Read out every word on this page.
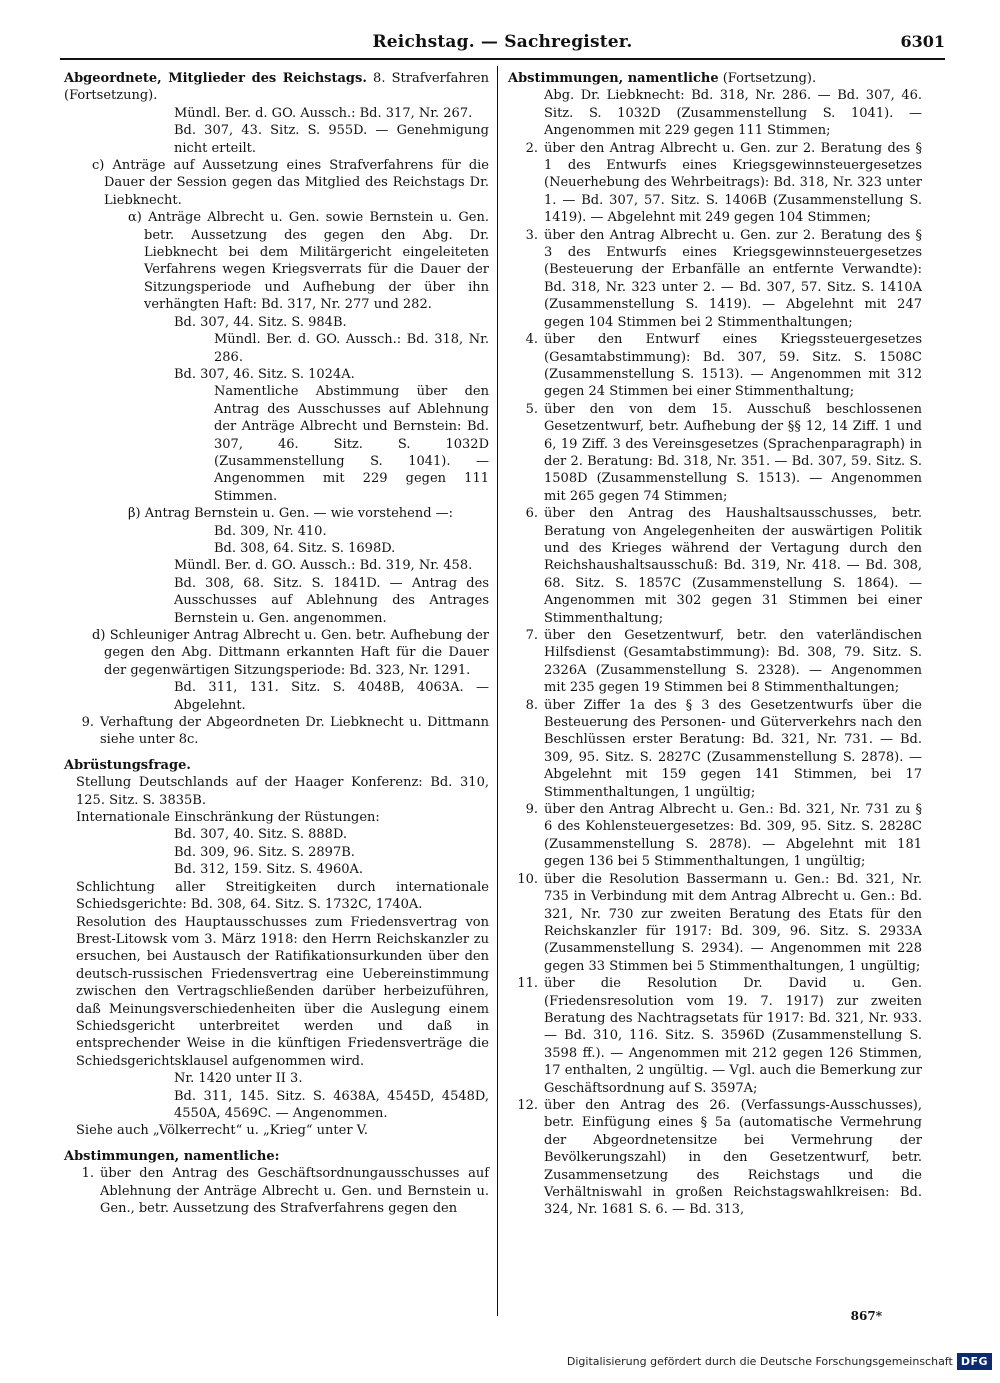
Reichstag. — Sachregister.	6301

Abgeordnete, Mitglieder des Reichstags. 8. Strafverfahren (Fortsetzung).

Mündl. Ber. d. GO. Aussch.: Bd. 317, Nr. 267.

Bd. 307, 43. Sitz. S. 955D. — Genehmigung nicht erteilt.

c) Anträge auf Aussetzung eines Strafverfahrens für die Dauer der Session gegen das Mitglied des Reichstags Dr. Liebknecht.

α) Anträge Albrecht u. Gen. sowie Bernstein u. Gen. betr. Aussetzung des gegen den Abg. Dr. Liebknecht bei dem Militärgericht eingeleiteten Verfahrens wegen Kriegsverrats für die Dauer der Sitzungsperiode und Aufhebung der über ihn verhängten Haft: Bd. 317, Nr. 277 und 282.

Bd. 307, 44. Sitz. S. 984B.

Mündl. Ber. d. GO. Aussch.: Bd. 318, Nr. 286.

Bd. 307, 46. Sitz. S. 1024A.

Namentliche Abstimmung über den Antrag des Ausschusses auf Ablehnung der Anträge Albrecht und Bernstein: Bd. 307, 46. Sitz. S. 1032D (Zusammenstellung S. 1041). — Angenommen mit 229 gegen 111 Stimmen.

β) Antrag Bernstein u. Gen. — wie vorstehend —:

Bd. 309, Nr. 410.

Bd. 308, 64. Sitz. S. 1698D.

Mündl. Ber. d. GO. Aussch.: Bd. 319, Nr. 458.

Bd. 308, 68. Sitz. S. 1841D. — Antrag des Ausschusses auf Ablehnung des Antrages Bernstein u. Gen. angenommen.

d) Schleuniger Antrag Albrecht u. Gen. betr. Aufhebung der gegen den Abg. Dittmann erkannten Haft für die Dauer der gegenwärtigen Sitzungsperiode: Bd. 323, Nr. 1291.

Bd. 311, 131. Sitz. S. 4048B, 4063A. — Abgelehnt.

9. Verhaftung der Abgeordneten Dr. Liebknecht u. Dittmann siehe unter 8c.

Abrüstungsfrage.

Stellung Deutschlands auf der Haager Konferenz: Bd. 310, 125. Sitz. S. 3835B.

Internationale Einschränkung der Rüstungen:

Bd. 307, 40. Sitz. S. 888D.

Bd. 309, 96. Sitz. S. 2897B.

Bd. 312, 159. Sitz. S. 4960A.

Schlichtung aller Streitigkeiten durch internationale Schiedsgerichte: Bd. 308, 64. Sitz. S. 1732C, 1740A.

Resolution des Hauptausschusses zum Friedensvertrag von Brest-Litowsk vom 3. März 1918: den Herrn Reichskanzler zu ersuchen, bei Austausch der Ratifikationsurkunden über den deutsch-russischen Friedensvertrag eine Uebereinstimmung zwischen den Vertragschließenden darüber herbeizuführen, daß Meinungsverschiedenheiten über die Auslegung einem Schiedsgericht unterbreitet werden und daß in entsprechender Weise in die künftigen Friedensverträge die Schiedsgerichtsklausel aufgenommen wird.

Nr. 1420 unter II 3.

Bd. 311, 145. Sitz. S. 4638A, 4545D, 4548D, 4550A, 4569C. — Angenommen.

Siehe auch „Völkerrecht“ u. „Krieg“ unter V.

Abstimmungen, namentliche:

1. über den Antrag des Geschäftsordnungausschusses auf Ablehnung der Anträge Albrecht u. Gen. und Bernstein u. Gen., betr. Aussetzung des Strafverfahrens gegen den

Abstimmungen, namentliche (Fortsetzung).

Abg. Dr. Liebknecht: Bd. 318, Nr. 286. — Bd. 307, 46. Sitz. S. 1032D (Zusammenstellung S. 1041). — Angenommen mit 229 gegen 111 Stimmen;

2. über den Antrag Albrecht u. Gen. zur 2. Beratung des § 1 des Entwurfs eines Kriegsgewinnsteuergesetzes (Neuerhebung des Wehrbeitrags): Bd. 318, Nr. 323 unter 1. — Bd. 307, 57. Sitz. S. 1406B (Zusammenstellung S. 1419). — Abgelehnt mit 249 gegen 104 Stimmen;
3. über den Antrag Albrecht u. Gen. zur 2. Beratung des § 3 des Entwurfs eines Kriegsgewinnsteuergesetzes (Besteuerung der Erbanfälle an entfernte Verwandte): Bd. 318, Nr. 323 unter 2. — Bd. 307, 57. Sitz. S. 1410A (Zusammenstellung S. 1419). — Abgelehnt mit 247 gegen 104 Stimmen bei 2 Stimmenthaltungen;
4. über den Entwurf eines Kriegssteuergesetzes (Gesamtabstimmung): Bd. 307, 59. Sitz. S. 1508C (Zusammenstellung S. 1513). — Angenommen mit 312 gegen 24 Stimmen bei einer Stimmenthaltung;
5. über den von dem 15. Ausschuß beschlossenen Gesetzentwurf, betr. Aufhebung der §§ 12, 14 Ziff. 1 und 6, 19 Ziff. 3 des Vereinsgesetzes (Sprachenparagraph) in der 2. Beratung: Bd. 318, Nr. 351. — Bd. 307, 59. Sitz. S. 1508D (Zusammenstellung S. 1513). — Angenommen mit 265 gegen 74 Stimmen;
6. über den Antrag des Haushaltsausschusses, betr. Beratung von Angelegenheiten der auswärtigen Politik und des Krieges während der Vertagung durch den Reichshaushaltsausschuß: Bd. 319, Nr. 418. — Bd. 308, 68. Sitz. S. 1857C (Zusammenstellung S. 1864). — Angenommen mit 302 gegen 31 Stimmen bei einer Stimmenthaltung;
7. über den Gesetzentwurf, betr. den vaterländischen Hilfsdienst (Gesamtabstimmung): Bd. 308, 79. Sitz. S. 2326A (Zusammenstellung S. 2328). — Angenommen mit 235 gegen 19 Stimmen bei 8 Stimmenthaltungen;
8. über Ziffer 1a des § 3 des Gesetzentwurfs über die Besteuerung des Personen- und Güterverkehrs nach den Beschlüssen erster Beratung: Bd. 321, Nr. 731. — Bd. 309, 95. Sitz. S. 2827C (Zusammenstellung S. 2878). — Abgelehnt mit 159 gegen 141 Stimmen, bei 17 Stimmenthaltungen, 1 ungültig;
9. über den Antrag Albrecht u. Gen.: Bd. 321, Nr. 731 zu § 6 des Kohlensteuergesetzes: Bd. 309, 95. Sitz. S. 2828C (Zusammenstellung S. 2878). — Abgelehnt mit 181 gegen 136 bei 5 Stimmenthaltungen, 1 ungültig;
10. über die Resolution Bassermann u. Gen.: Bd. 321, Nr. 735 in Verbindung mit dem Antrag Albrecht u. Gen.: Bd. 321, Nr. 730 zur zweiten Beratung des Etats für den Reichskanzler für 1917: Bd. 309, 96. Sitz. S. 2933A (Zusammenstellung S. 2934). — Angenommen mit 228 gegen 33 Stimmen bei 5 Stimmenthaltungen, 1 ungültig;
11. über die Resolution Dr. David u. Gen. (Friedensresolution vom 19. 7. 1917) zur zweiten Beratung des Nachtragsetats für 1917: Bd. 321, Nr. 933. — Bd. 310, 116. Sitz. S. 3596D (Zusammenstellung S. 3598 ff.). — Angenommen mit 212 gegen 126 Stimmen, 17 enthalten, 2 ungültig. — Vgl. auch die Bemerkung zur Geschäftsordnung auf S. 3597A;
12. über den Antrag des 26. (Verfassungs-Ausschusses), betr. Einfügung eines § 5a (automatische Vermehrung der Abgeordnetensitze bei Vermehrung der Bevölkerungszahl) in den Gesetzentwurf, betr. Zusammensetzung des Reichstags und die Verhältniswahl in großen Reichstagswahlkreisen: Bd. 324, Nr. 1681 S. 6. — Bd. 313,
867*
Digitalisierung gefördert durch die Deutsche Forschungsgemeinschaft DFG
